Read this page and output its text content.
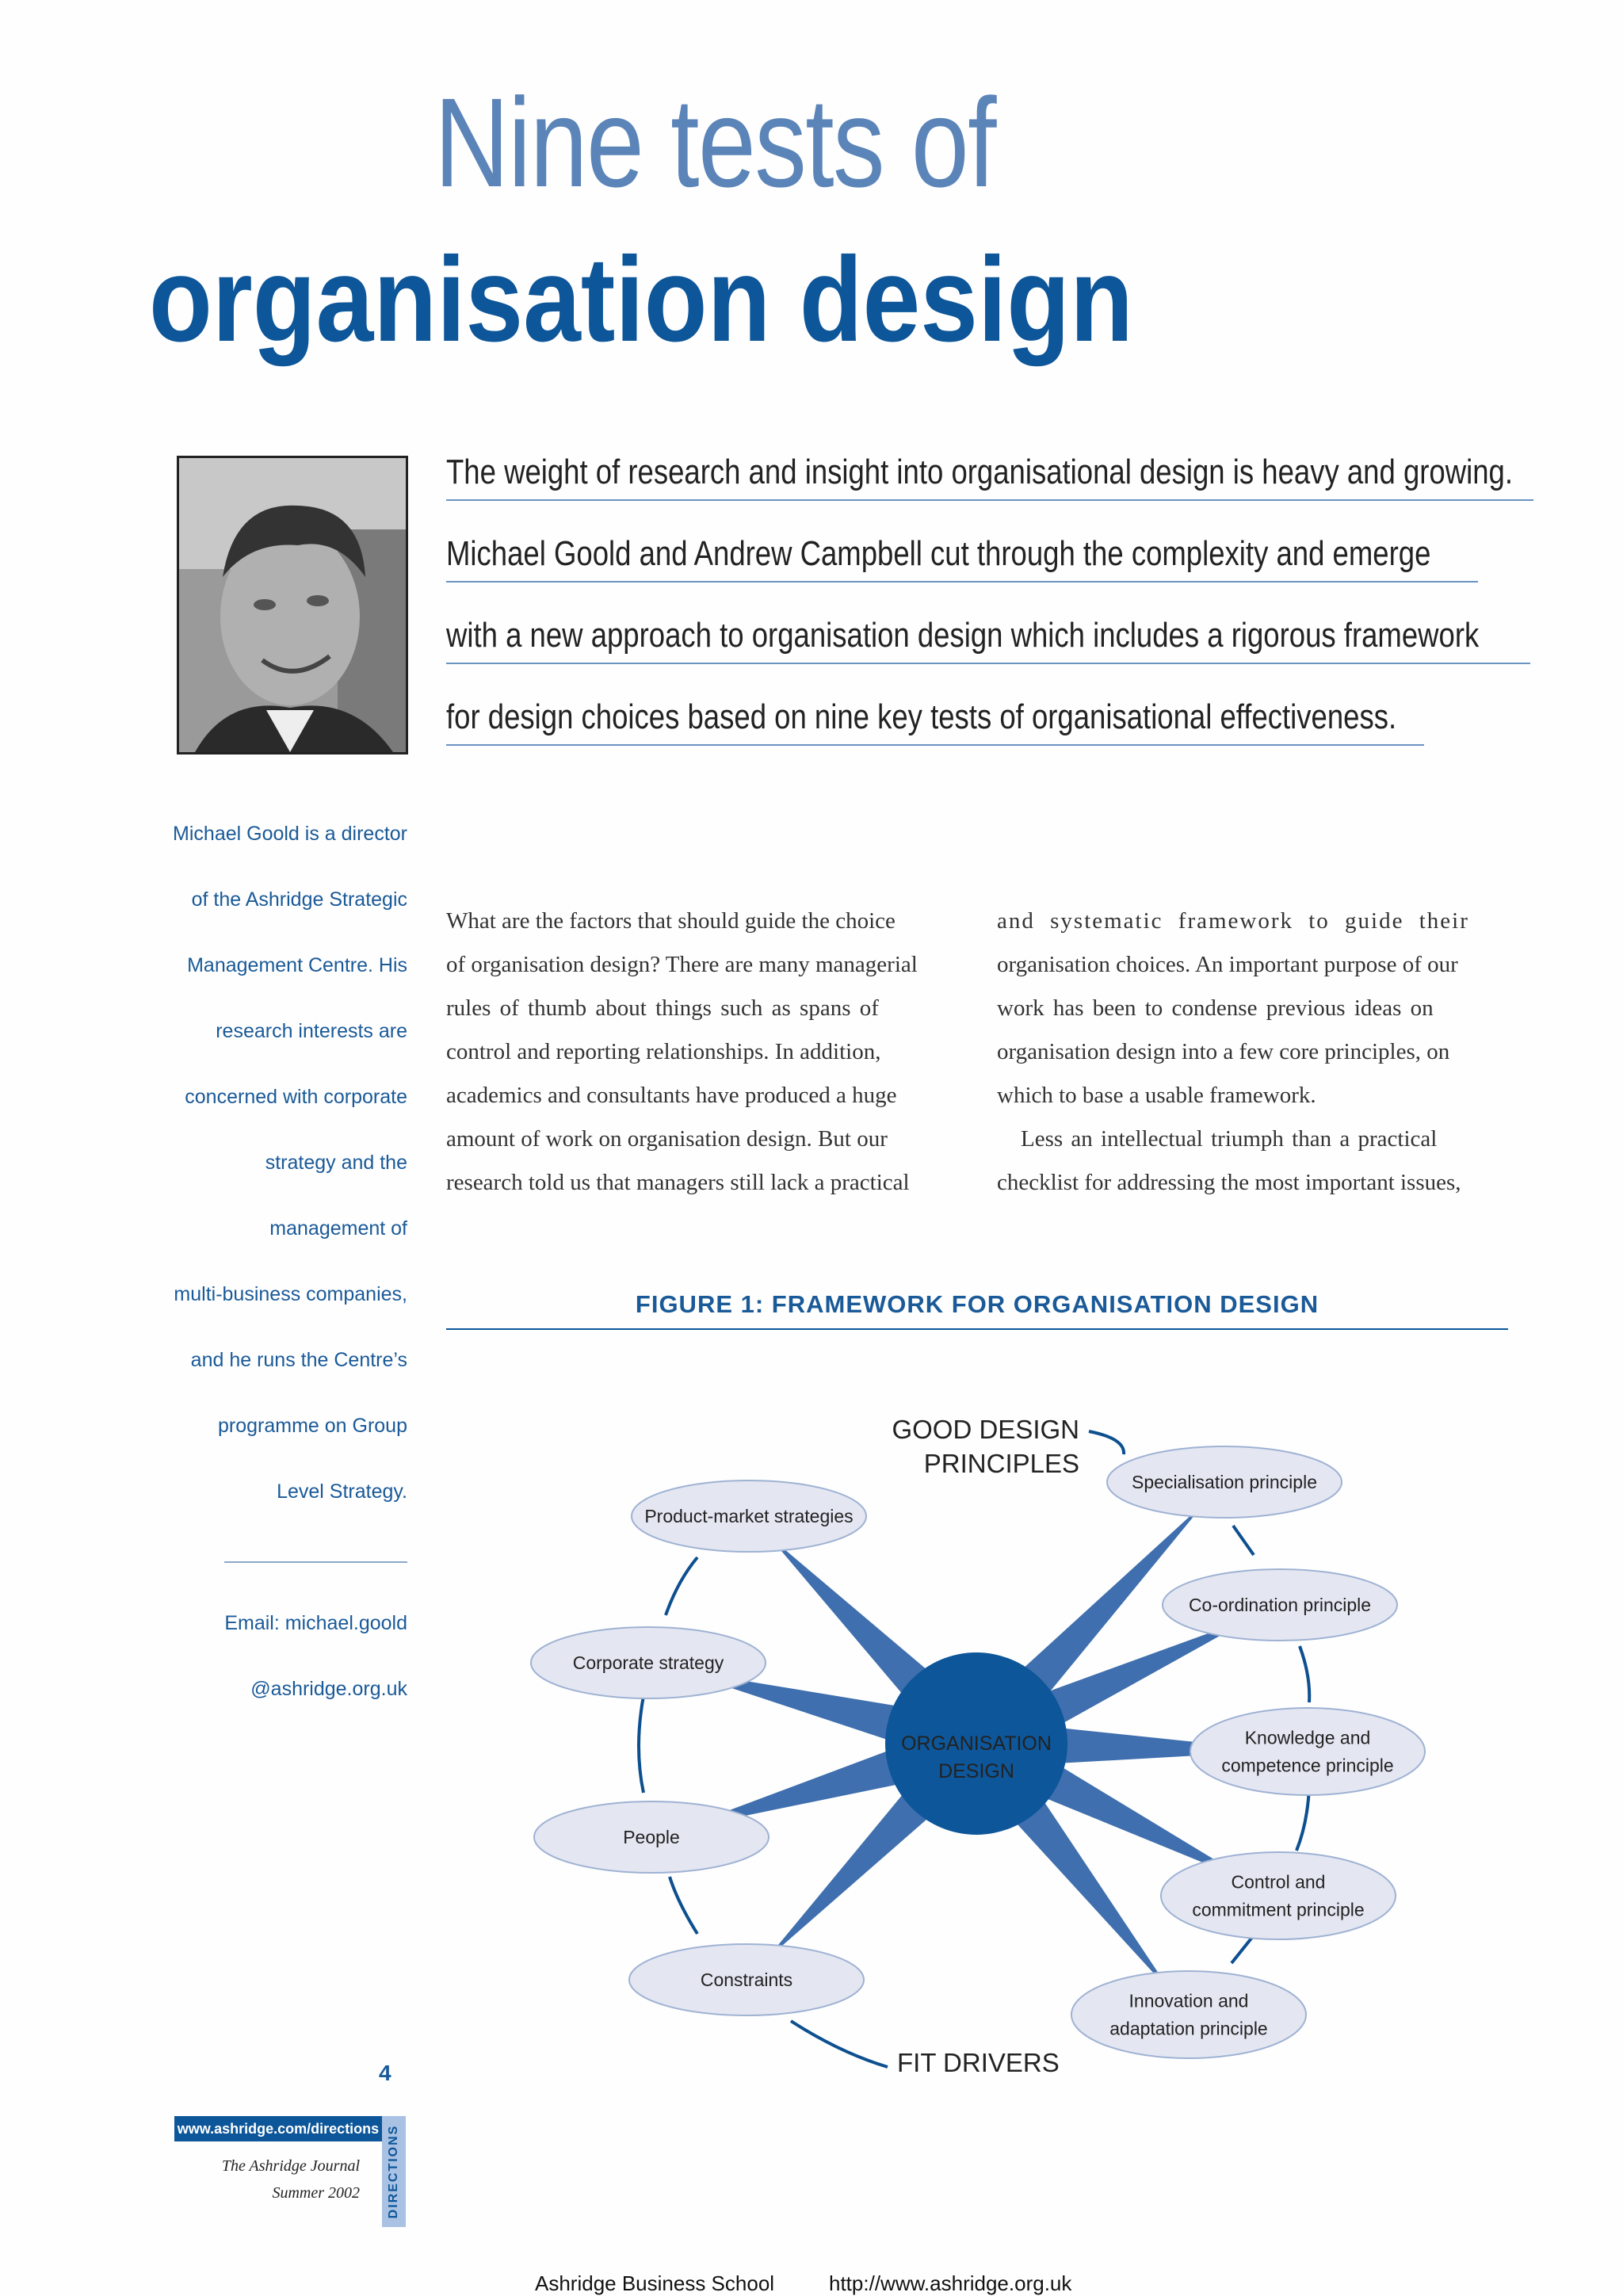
Nine tests of
organisation design
The weight of research and insight into organisational design is heavy and growing.
Michael Goold and Andrew Campbell cut through the complexity and emerge
with a new approach to organisation design which includes a rigorous framework
for design choices based on nine key tests of organisational effectiveness.
Michael Goold is a director
of the Ashridge Strategic
Management Centre. His
research interests are
concerned with corporate
strategy and the
management of
multi-business companies,
and he runs the Centre’s
programme on Group
Level Strategy.
Email: michael.goold
@ashridge.org.uk
What are the factors that should guide the choice
of organisation design? There are many managerial
rules of thumb about things such as spans of
control and reporting relationships. In addition,
academics and consultants have produced a huge
amount of work on organisation design. But our
research told us that managers still lack a practical
and systematic framework to guide their
organisation choices. An important purpose of our
work has been to condense previous ideas on
organisation design into a few core principles, on
which to base a usable framework.
Less an intellectual triumph than a practical
checklist for addressing the most important issues,
FIGURE 1: FRAMEWORK FOR ORGANISATION DESIGN
ORGANISATION
DESIGN
Product-market strategies
Corporate strategy
People
Constraints
Specialisation principle
Co-ordination principle
Knowledge and
competence principle
Control and
commitment principle
Innovation and
adaptation principle
GOOD DESIGN
PRINCIPLES
FIT DRIVERS
4
www.ashridge.com/directions DIRECTIONS
The Ashridge Journal
Summer 2002
Ashridge Business School	http://www.ashridge.org.uk
